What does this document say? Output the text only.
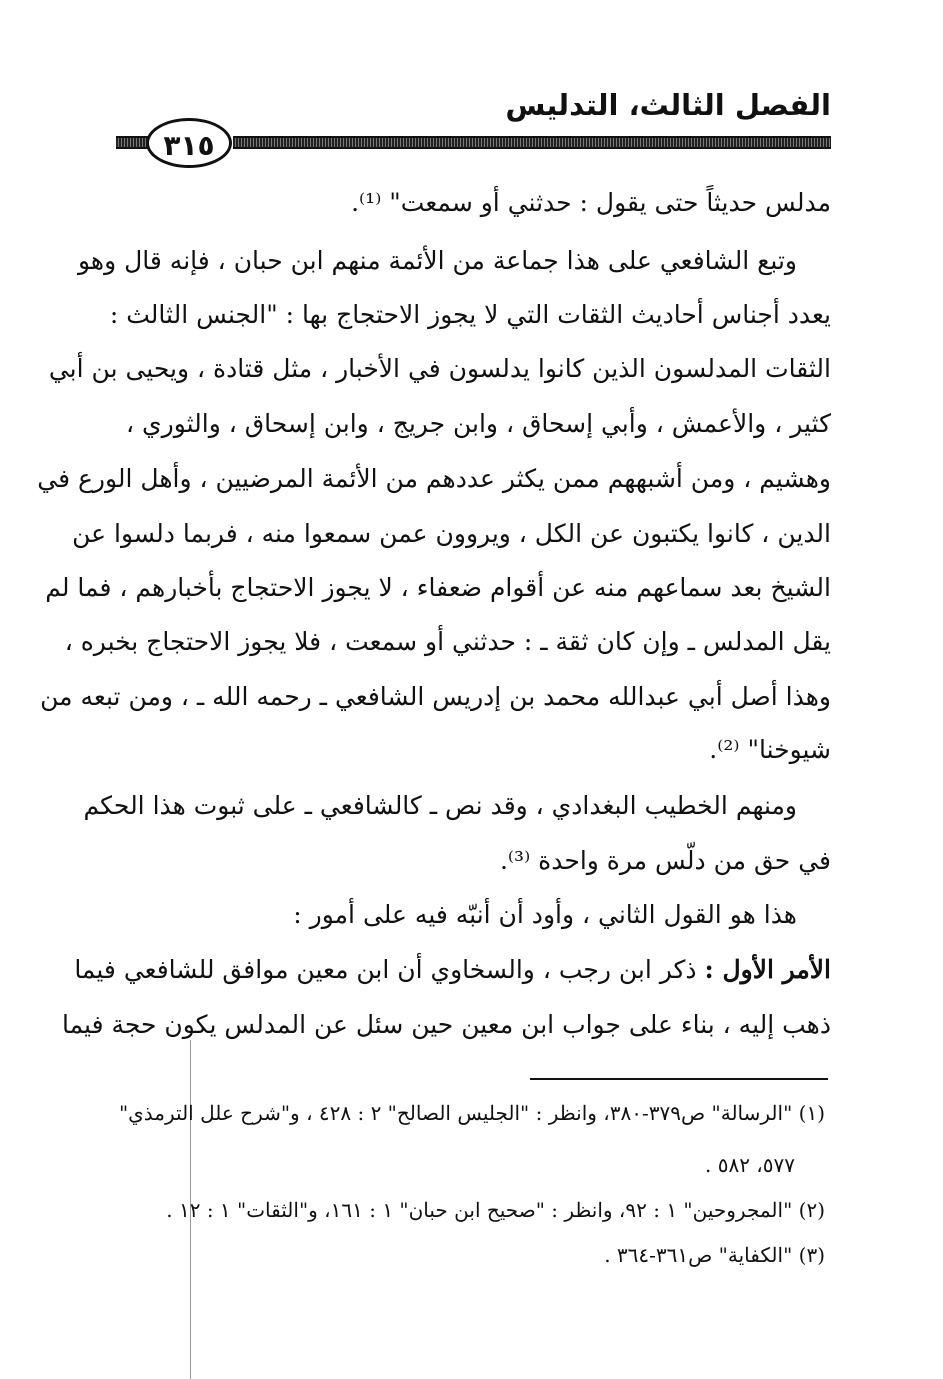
الفصل الثالث، التدليس
٣١٥
مدلس حديثاً حتى يقول : حدثني أو سمعت" ⁽¹⁾.
وتبع الشافعي على هذا جماعة من الأئمة منهم ابن حبان ، فإنه قال وهو
يعدد أجناس أحاديث الثقات التي لا يجوز الاحتجاج بها : "الجنس الثالث :
الثقات المدلسون الذين كانوا يدلسون في الأخبار ، مثل قتادة ، ويحيى بن أبي
كثير ، والأعمش ، وأبي إسحاق ، وابن جريج ، وابن إسحاق ، والثوري ،
وهشيم ، ومن أشبههم ممن يكثر عددهم من الأئمة المرضيين ، وأهل الورع في
الدين ، كانوا يكتبون عن الكل ، ويروون عمن سمعوا منه ، فربما دلسوا عن
الشيخ بعد سماعهم منه عن أقوام ضعفاء ، لا يجوز الاحتجاج بأخبارهم ، فما لم
يقل المدلس ـ وإن كان ثقة ـ : حدثني أو سمعت ، فلا يجوز الاحتجاج بخبره ،
وهذا أصل أبي عبدالله محمد بن إدريس الشافعي ـ رحمه الله ـ ، ومن تبعه من
شيوخنا" ⁽²⁾.
ومنهم الخطيب البغدادي ، وقد نص ـ كالشافعي ـ على ثبوت هذا الحكم
في حق من دلّس مرة واحدة ⁽³⁾.
هذا هو القول الثاني ، وأود أن أنبّه فيه على أمور :
الأمر الأول : ذكر ابن رجب ، والسخاوي أن ابن معين موافق للشافعي فيما
ذهب إليه ، بناء على جواب ابن معين حين سئل عن المدلس يكون حجة فيما
(١) "الرسالة" ص٣٧٩-٣٨٠، وانظر : "الجليس الصالح" ٢ : ٤٢٨ ، و"شرح علل الترمذي"
٥٧٧، ٥٨٢ .
(٢) "المجروحين" ١ : ٩٢، وانظر : "صحيح ابن حبان" ١ : ١٦١، و"الثقات" ١ : ١٢ .
(٣) "الكفاية" ص٣٦١-٣٦٤ .
